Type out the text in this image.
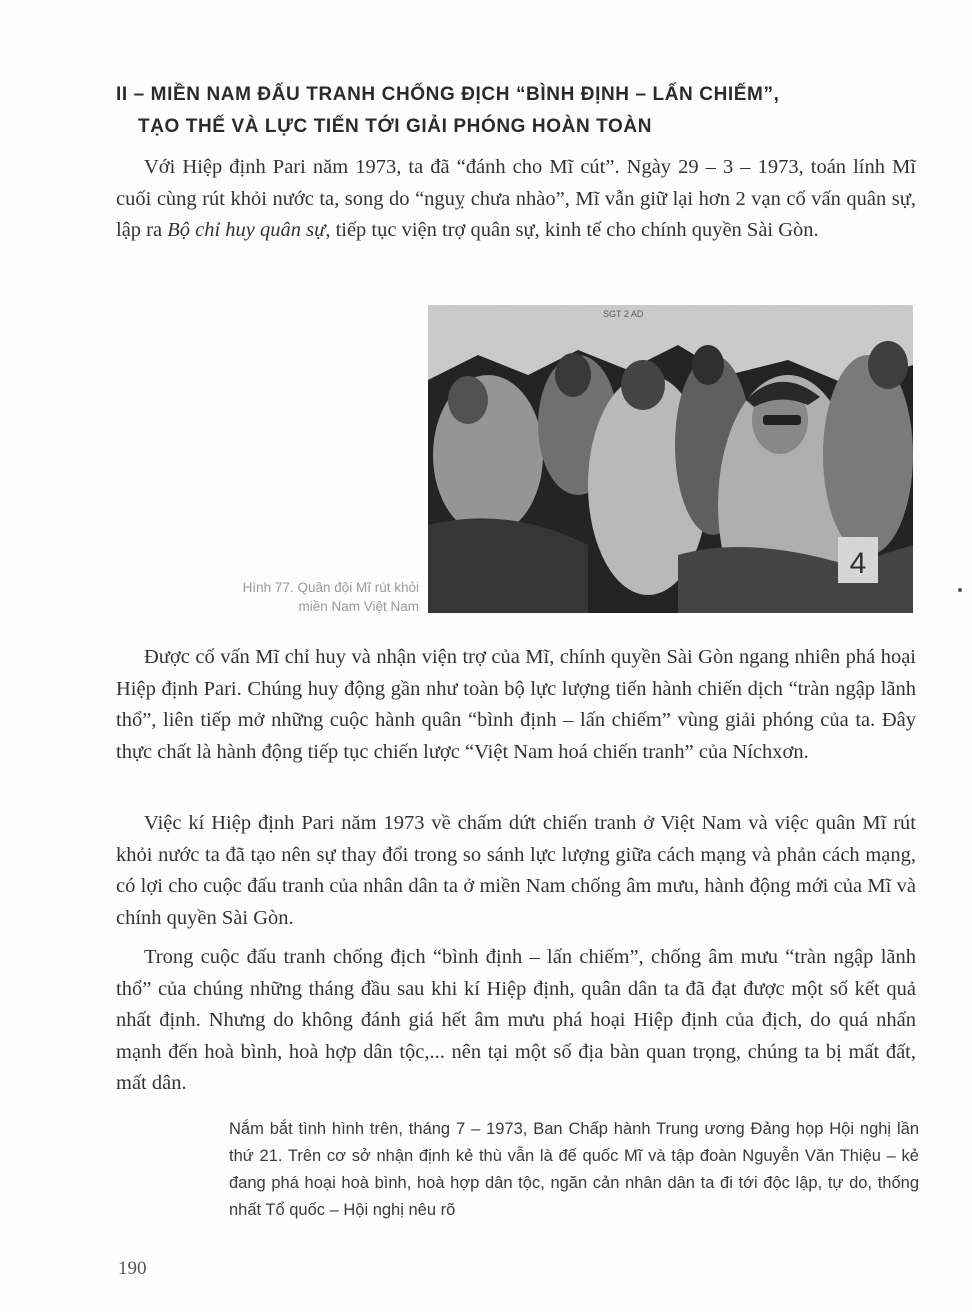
II – MIỀN NAM ĐẤU TRANH CHỐNG ĐỊCH “BÌNH ĐỊNH – LẤN CHIẾM”,
TẠO THẾ VÀ LỰC TIẾN TỚI GIẢI PHÓNG HOÀN TOÀN

Với Hiệp định Pari năm 1973, ta đã “đánh cho Mĩ cút”. Ngày 29 – 3 – 1973, toán lính Mĩ cuối cùng rút khỏi nước ta, song do “nguỵ chưa nhào”, Mĩ vẫn giữ lại hơn 2 vạn cố vấn quân sự, lập ra Bộ chỉ huy quân sự, tiếp tục viện trợ quân sự, kinh tế cho chính quyền Sài Gòn.

4
SGT 2 AD

Hình 77. Quân đội Mĩ rút khỏi
miền Nam Việt Nam

Được cố vấn Mĩ chỉ huy và nhận viện trợ của Mĩ, chính quyền Sài Gòn ngang nhiên phá hoại Hiệp định Pari. Chúng huy động gần như toàn bộ lực lượng tiến hành chiến dịch “tràn ngập lãnh thổ”, liên tiếp mở những cuộc hành quân “bình định – lấn chiếm” vùng giải phóng của ta. Đây thực chất là hành động tiếp tục chiến lược “Việt Nam hoá chiến tranh” của Níchxơn.

Việc kí Hiệp định Pari năm 1973 về chấm dứt chiến tranh ở Việt Nam và việc quân Mĩ rút khỏi nước ta đã tạo nên sự thay đổi trong so sánh lực lượng giữa cách mạng và phản cách mạng, có lợi cho cuộc đấu tranh của nhân dân ta ở miền Nam chống âm mưu, hành động mới của Mĩ và chính quyền Sài Gòn.

Trong cuộc đấu tranh chống địch “bình định – lấn chiếm”, chống âm mưu “tràn ngập lãnh thổ” của chúng những tháng đầu sau khi kí Hiệp định, quân dân ta đã đạt được một số kết quả nhất định. Nhưng do không đánh giá hết âm mưu phá hoại Hiệp định của địch, do quá nhấn mạnh đến hoà bình, hoà hợp dân tộc,... nên tại một số địa bàn quan trọng, chúng ta bị mất đất, mất dân.

Nắm bắt tình hình trên, tháng 7 – 1973, Ban Chấp hành Trung ương Đảng họp Hội nghị lần thứ 21. Trên cơ sở nhận định kẻ thù vẫn là đế quốc Mĩ và tập đoàn Nguyễn Văn Thiệu – kẻ đang phá hoại hoà bình, hoà hợp dân tộc, ngăn cản nhân dân ta đi tới độc lập, tự do, thống nhất Tổ quốc – Hội nghị nêu rõ

190
